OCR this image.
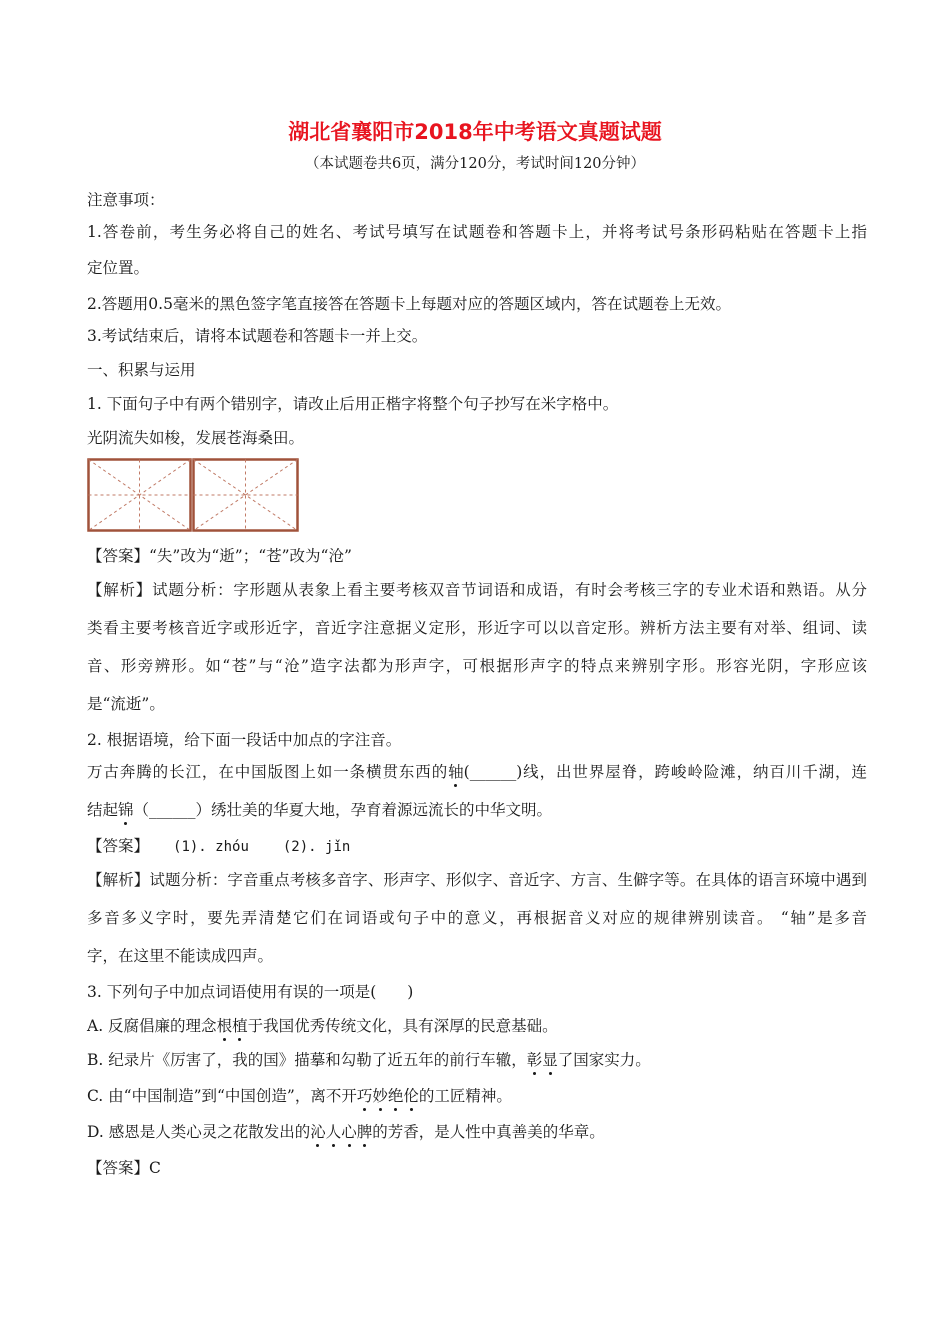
湖北省襄阳市2018年中考语文真题试题
（本试题卷共6页，满分120分，考试时间120分钟）
注意事项：
1.答卷前，考生务必将自己的姓名、考试号填写在试题卷和答题卡上，并将考试号条形码粘贴在答题卡上指
定位置。
2.答题用0.5毫米的黑色签字笔直接答在答题卡上每题对应的答题区域内，答在试题卷上无效。
3.考试结束后，请将本试题卷和答题卡一并上交。
一、积累与运用
1. 下面句子中有两个错别字，请改止后用正楷字将整个句子抄写在米字格中。
光阴流失如梭，发展苍海桑田。
【答案】“失”改为“逝”；“苍”改为“沧”
【解析】试题分析：字形题从表象上看主要考核双音节词语和成语，有时会考核三字的专业术语和熟语。从分
类看主要考核音近字或形近字，音近字注意据义定形，形近字可以以音定形。辨析方法主要有对举、组词、读
音、形旁辨形。如“苍”与“沧”造字法都为形声字，可根据形声字的特点来辨别字形。形容光阴，字形应该
是“流逝”。
2. 根据语境，给下面一段话中加点的字注音。
万古奔腾的长江，在中国版图上如一条横贯东西的轴(______)线，出世界屋脊，跨峻岭险滩，纳百川千湖，连
结起锦（______）绣壮美的华夏大地，孕育着源远流长的中华文明。
【答案】 (1). zhóu (2). jǐn
【解析】试题分析：字音重点考核多音字、形声字、形似字、音近字、方言、生僻字等。在具体的语言环境中遇到
多音多义字时，要先弄清楚它们在词语或句子中的意义，再根据音义对应的规律辨别读音。 “轴”是多音
字，在这里不能读成四声。
3. 下列句子中加点词语使用有误的一项是(　　)
A. 反腐倡廉的理念根植于我国优秀传统文化，具有深厚的民意基础。
B. 纪录片《厉害了，我的国》描摹和勾勒了近五年的前行车辙，彰显了国家实力。
C. 由“中国制造”到“中国创造”，离不开巧妙绝伦的工匠精神。
D. 感恩是人类心灵之花散发出的沁人心脾的芳香，是人性中真善美的华章。
【答案】C
